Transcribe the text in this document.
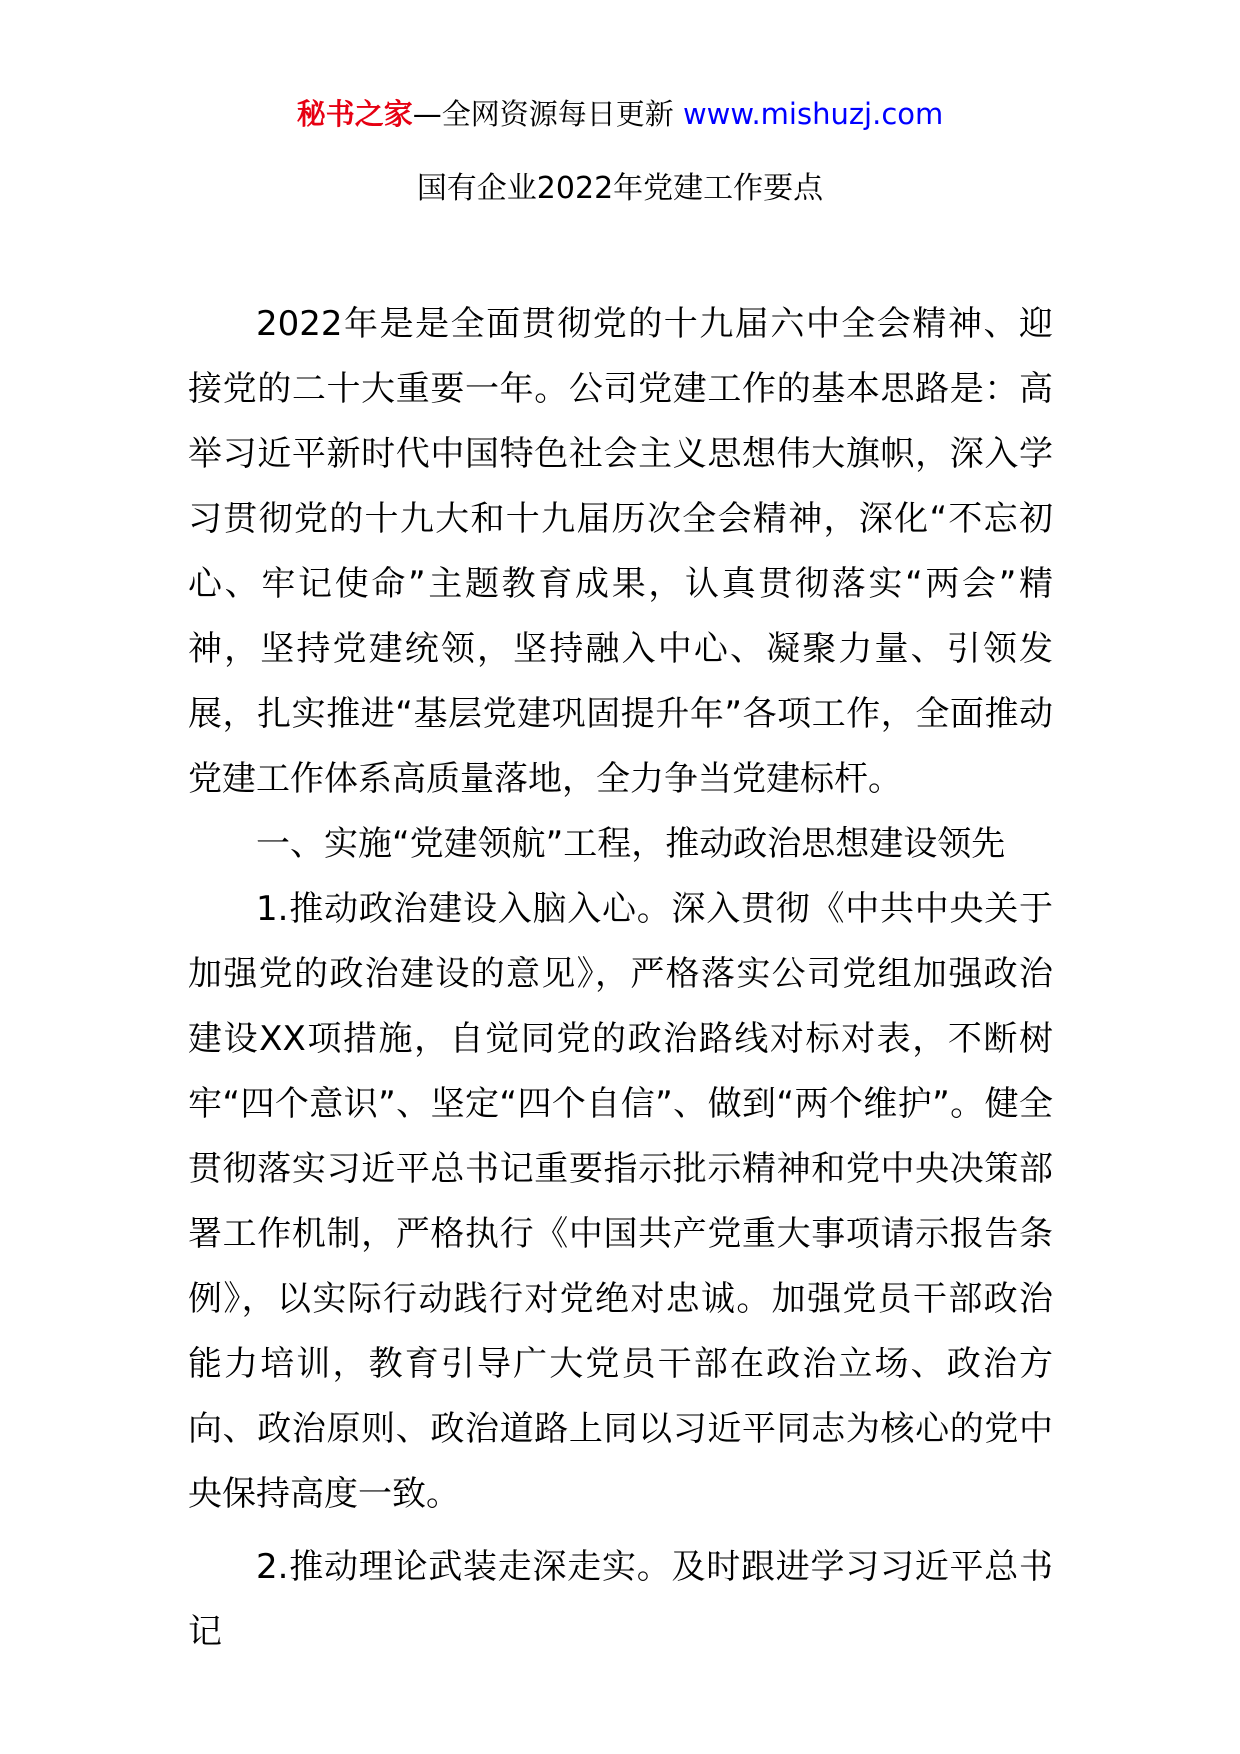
秘书之家—全网资源每日更新 www.mishuzj.com
国有企业2022年党建工作要点

2022年是是全面贯彻党的十九届六中全会精神、迎接党的二十大重要一年。公司党建工作的基本思路是：高举习近平新时代中国特色社会主义思想伟大旗帜，深入学习贯彻党的十九大和十九届历次全会精神，深化“不忘初心、牢记使命”主题教育成果，认真贯彻落实“两会”精神，坚持党建统领，坚持融入中心、凝聚力量、引领发展，扎实推进“基层党建巩固提升年”各项工作，全面推动党建工作体系高质量落地，全力争当党建标杆。

一、实施“党建领航”工程，推动政治思想建设领先

1.推动政治建设入脑入心。深入贯彻《中共中央关于加强党的政治建设的意见》，严格落实公司党组加强政治建设XX项措施，自觉同党的政治路线对标对表，不断树牢“四个意识”、坚定“四个自信”、做到“两个维护”。健全贯彻落实习近平总书记重要指示批示精神和党中央决策部署工作机制，严格执行《中国共产党重大事项请示报告条例》，以实际行动践行对党绝对忠诚。加强党员干部政治能力培训，教育引导广大党员干部在政治立场、政治方向、政治原则、政治道路上同以习近平同志为核心的党中央保持高度一致。

2.推动理论武装走深走实。及时跟进学习习近平总书记
